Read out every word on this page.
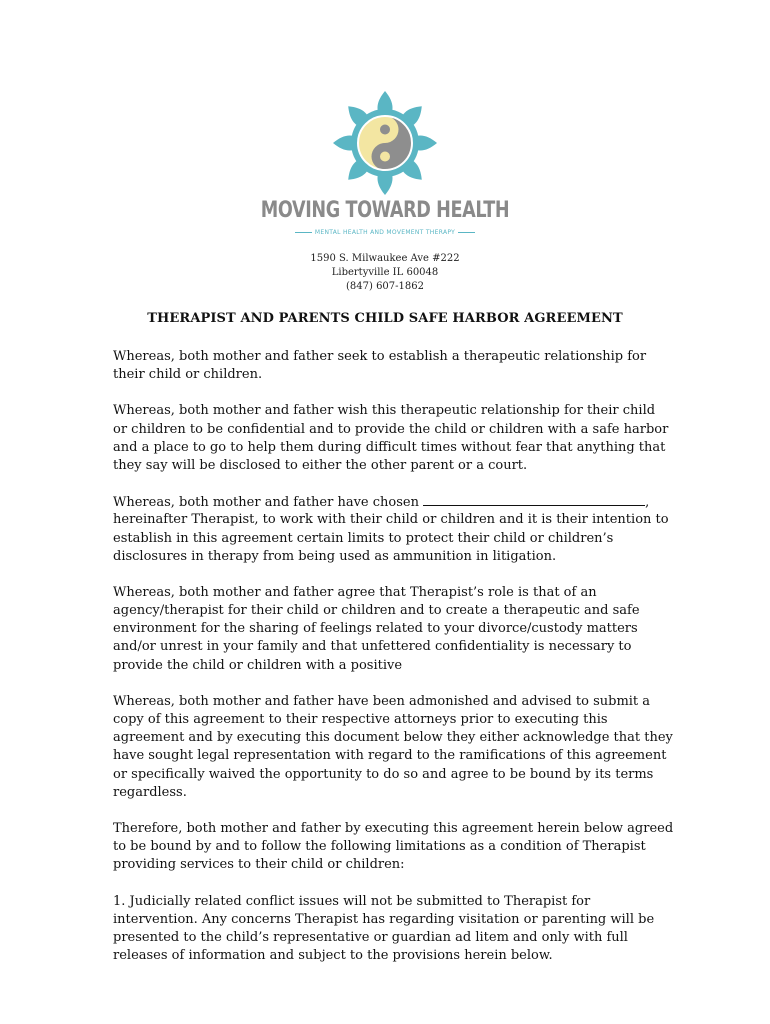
MOVING TOWARD HEALTH
MENTAL HEALTH AND MOVEMENT THERAPY
1590 S. Milwaukee Ave #222
Libertyville IL 60048
(847) 607-1862
THERAPIST AND PARENTS CHILD SAFE HARBOR AGREEMENT
Whereas, both mother and father seek to establish a therapeutic relationship for
their child or children.
Whereas, both mother and father wish this therapeutic relationship for their child
or children to be confidential and to provide the child or children with a safe harbor
and a place to go to help them during difficult times without fear that anything that
they say will be disclosed to either the other parent or a court.
Whereas, both mother and father have chosen	,
hereinafter Therapist, to work with their child or children and it is their intention to
establish in this agreement certain limits to protect their child or children’s
disclosures in therapy from being used as ammunition in litigation.
Whereas, both mother and father agree that Therapist’s role is that of an
agency/therapist for their child or children and to create a therapeutic and safe
environment for the sharing of feelings related to your divorce/custody matters
and/or unrest in your family and that unfettered confidentiality is necessary to
provide the child or children with a positive
Whereas, both mother and father have been admonished and advised to submit a
copy of this agreement to their respective attorneys prior to executing this
agreement and by executing this document below they either acknowledge that they
have sought legal representation with regard to the ramifications of this agreement
or specifically waived the opportunity to do so and agree to be bound by its terms
regardless.
Therefore, both mother and father by executing this agreement herein below agreed
to be bound by and to follow the following limitations as a condition of Therapist
providing services to their child or children:
1. Judicially related conflict issues will not be submitted to Therapist for
intervention. Any concerns Therapist has regarding visitation or parenting will be
presented to the child’s representative or guardian ad litem and only with full
releases of information and subject to the provisions herein below.
